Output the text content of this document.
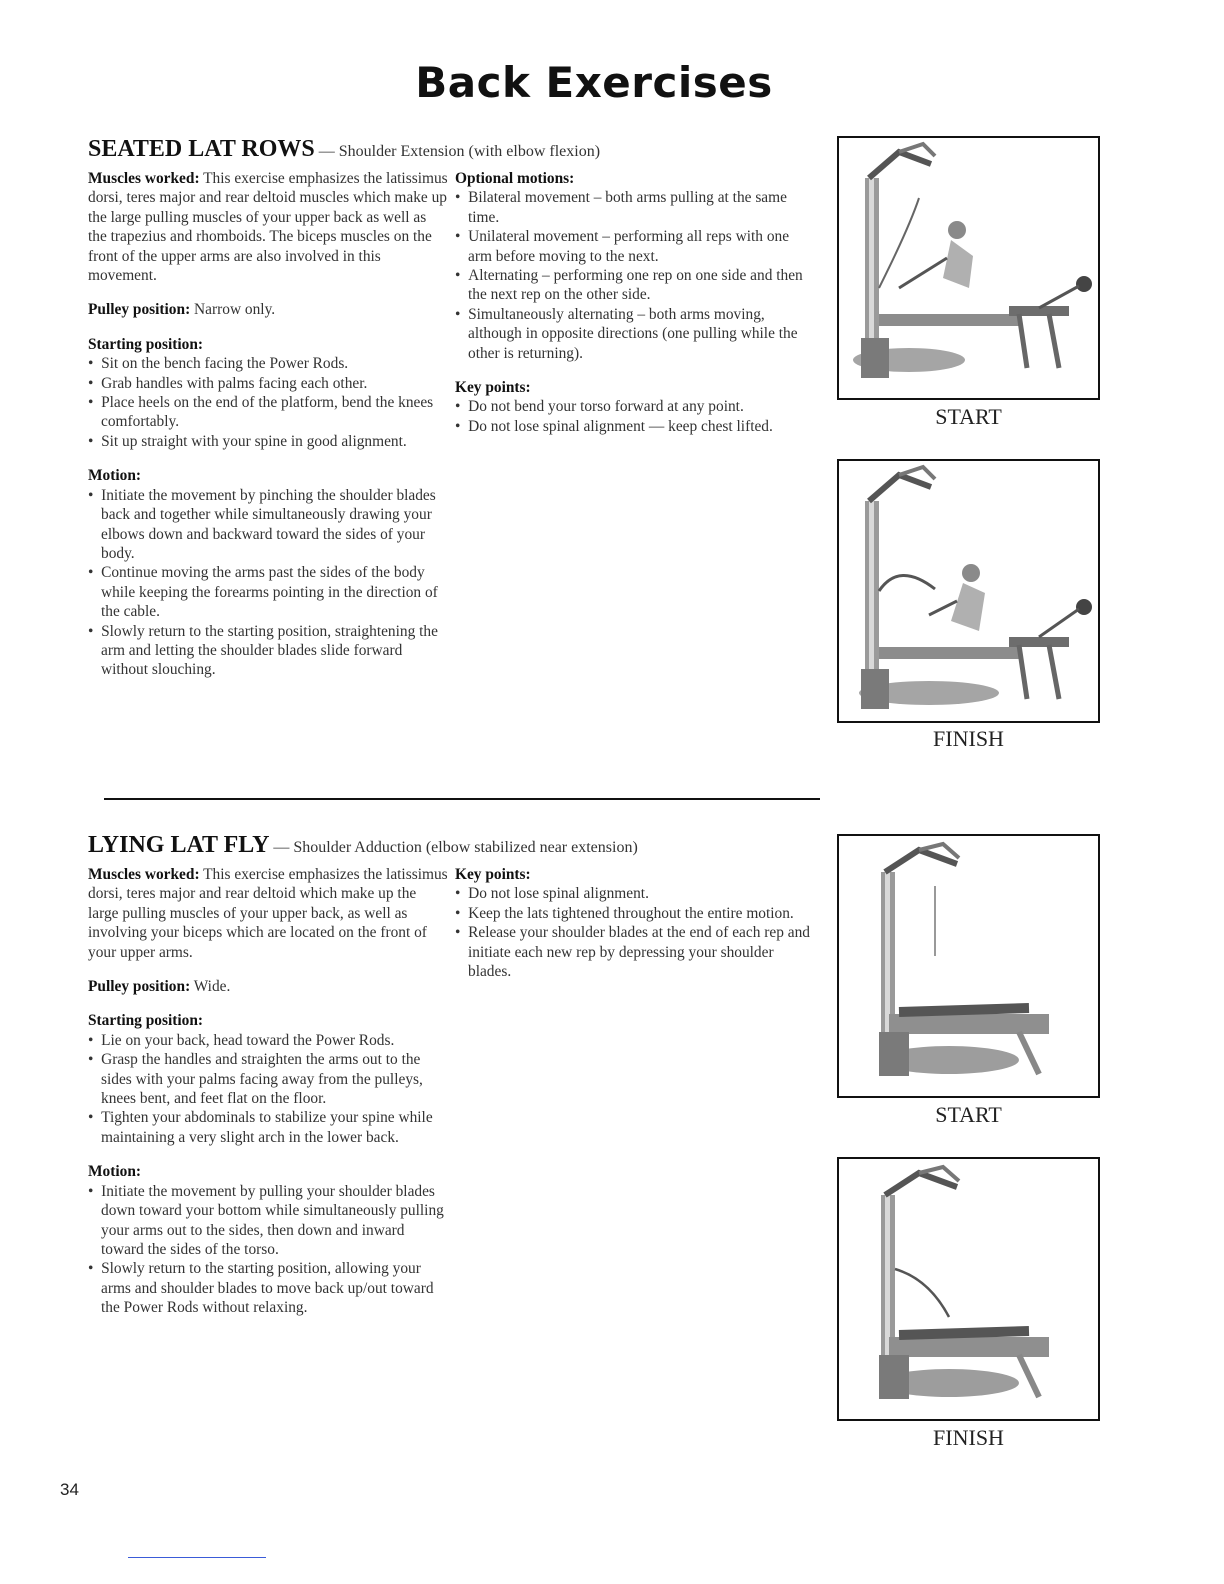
Back Exercises
SEATED LAT ROWS — Shoulder Extension (with elbow flexion)
Muscles worked: This exercise emphasizes the latissimus dorsi, teres major and rear deltoid muscles which make up the large pulling muscles of your upper back as well as the trapezius and rhomboids. The biceps muscles on the front of the upper arms are also involved in this movement.
Pulley position: Narrow only.
Starting position:
•  Sit on the bench facing the Power Rods.
•  Grab handles with palms facing each other.
•  Place heels on the end of the platform, bend the knees comfortably.
•  Sit up straight with your spine in good alignment.
Motion:
•  Initiate the movement by pinching the shoulder blades back and together while simultaneously drawing your elbows down and backward toward the sides of your body.
•  Continue moving the arms past the sides of the body while keeping the forearms pointing in the direction of the cable.
•  Slowly return to the starting position, straightening the arm and letting the shoulder blades slide forward without slouching.
Optional motions:
•  Bilateral movement – both arms pulling at the same time.
•  Unilateral movement – performing all reps with one arm before moving to the next.
•  Alternating – performing one rep on one side and then the next rep on the other side.
•  Simultaneously alternating – both arms moving, although in opposite directions (one pulling while the other is returning).
Key points:
•  Do not bend your torso forward at any point.
•  Do not lose spinal alignment — keep chest lifted.
LYING LAT FLY — Shoulder Adduction (elbow stabilized near extension)
Muscles worked: This exercise emphasizes the latissimus dorsi, teres major and rear deltoid which make up the large pulling muscles of your upper back, as well as involving your biceps which are located on the front of your upper arms.
Pulley position: Wide.
Starting position:
•  Lie on your back, head toward the Power Rods.
•  Grasp the handles and straighten the arms out to the sides with your palms facing away from the pulleys, knees bent, and feet flat on the floor.
•  Tighten your abdominals to stabilize your spine while maintaining a very slight arch in the lower back.
Motion:
•  Initiate the movement by pulling your shoulder blades down toward your bottom while simultaneously pulling your arms out to the sides, then down and inward toward the sides of the torso.
•  Slowly return to the starting position, allowing your arms and shoulder blades to move back up/out toward the Power Rods without relaxing.
Key points:
•  Do not lose spinal alignment.
•  Keep the lats tightened throughout the entire motion.
•  Release your shoulder blades at the end of each rep and initiate each new rep by depressing your shoulder blades.
START
FINISH
START
FINISH
34
